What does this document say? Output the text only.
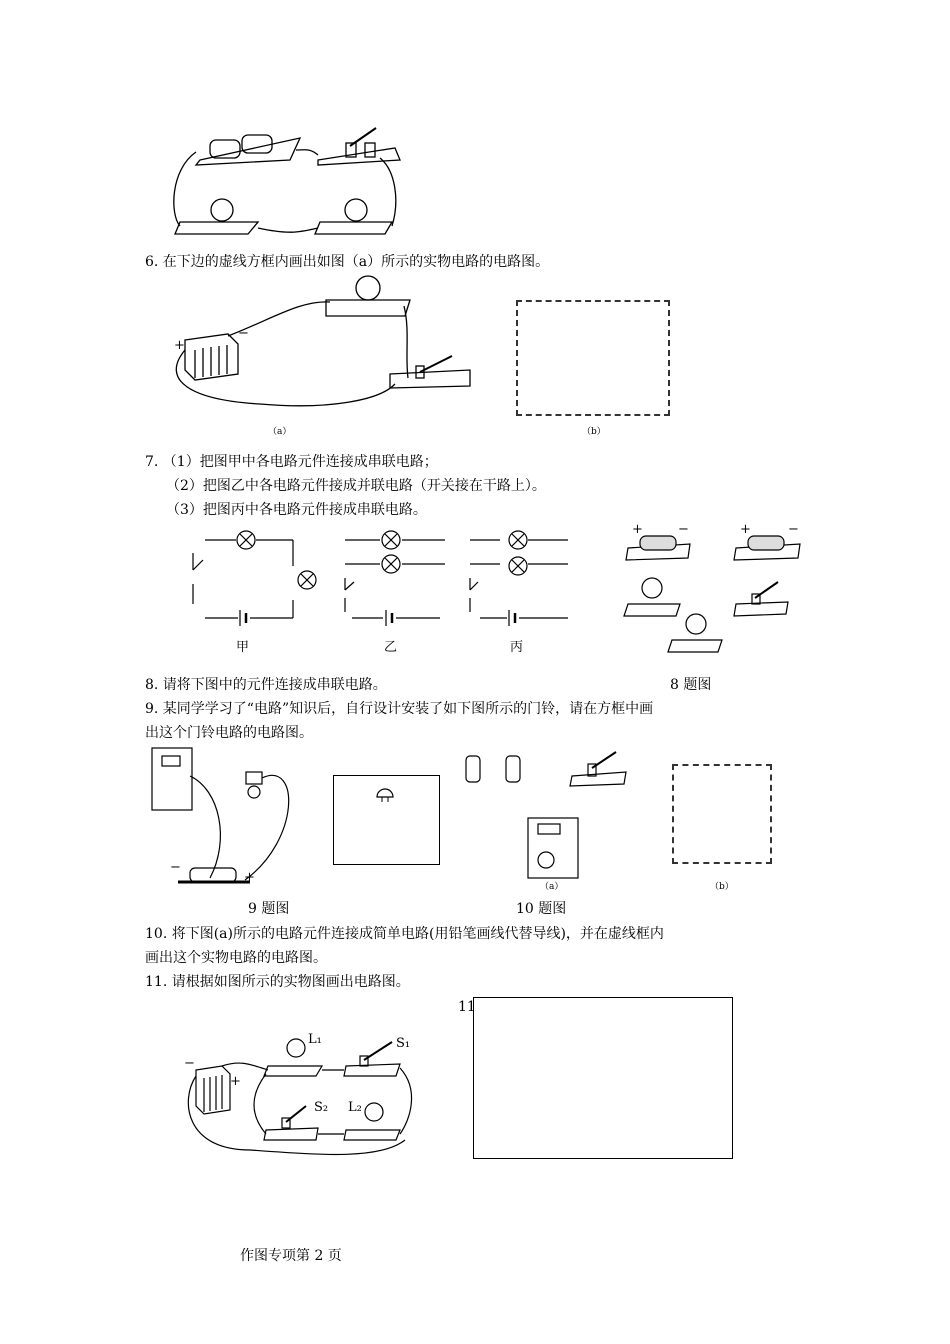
6. 在下边的虚线方框内画出如图（a）所示的实物电路的电路图。
+
−
（a）	（b）
7. （1）把图甲中各电路元件连接成串联电路；
（2）把图乙中各电路元件接成并联电路（开关接在干路上）。
（3）把图丙中各电路元件接成串联电路。
甲	乙	丙
+	−	+	−
8. 请将下图中的元件连接成串联电路。	8 题图
9. 某同学学习了“电路”知识后，自行设计安装了如下图所示的门铃，请在方框中画
出这个门铃电路的电路图。
−
+
9 题图
（a）	（b）
10 题图
10. 将下图(a)所示的电路元件连接成简单电路(用铅笔画线代替导线)，并在虚线框内
画出这个实物电路的电路图。
11. 请根据如图所示的实物图画出电路图。
11
−
+
L₁	S₁
S₂ L₂
作图专项第 2 页
